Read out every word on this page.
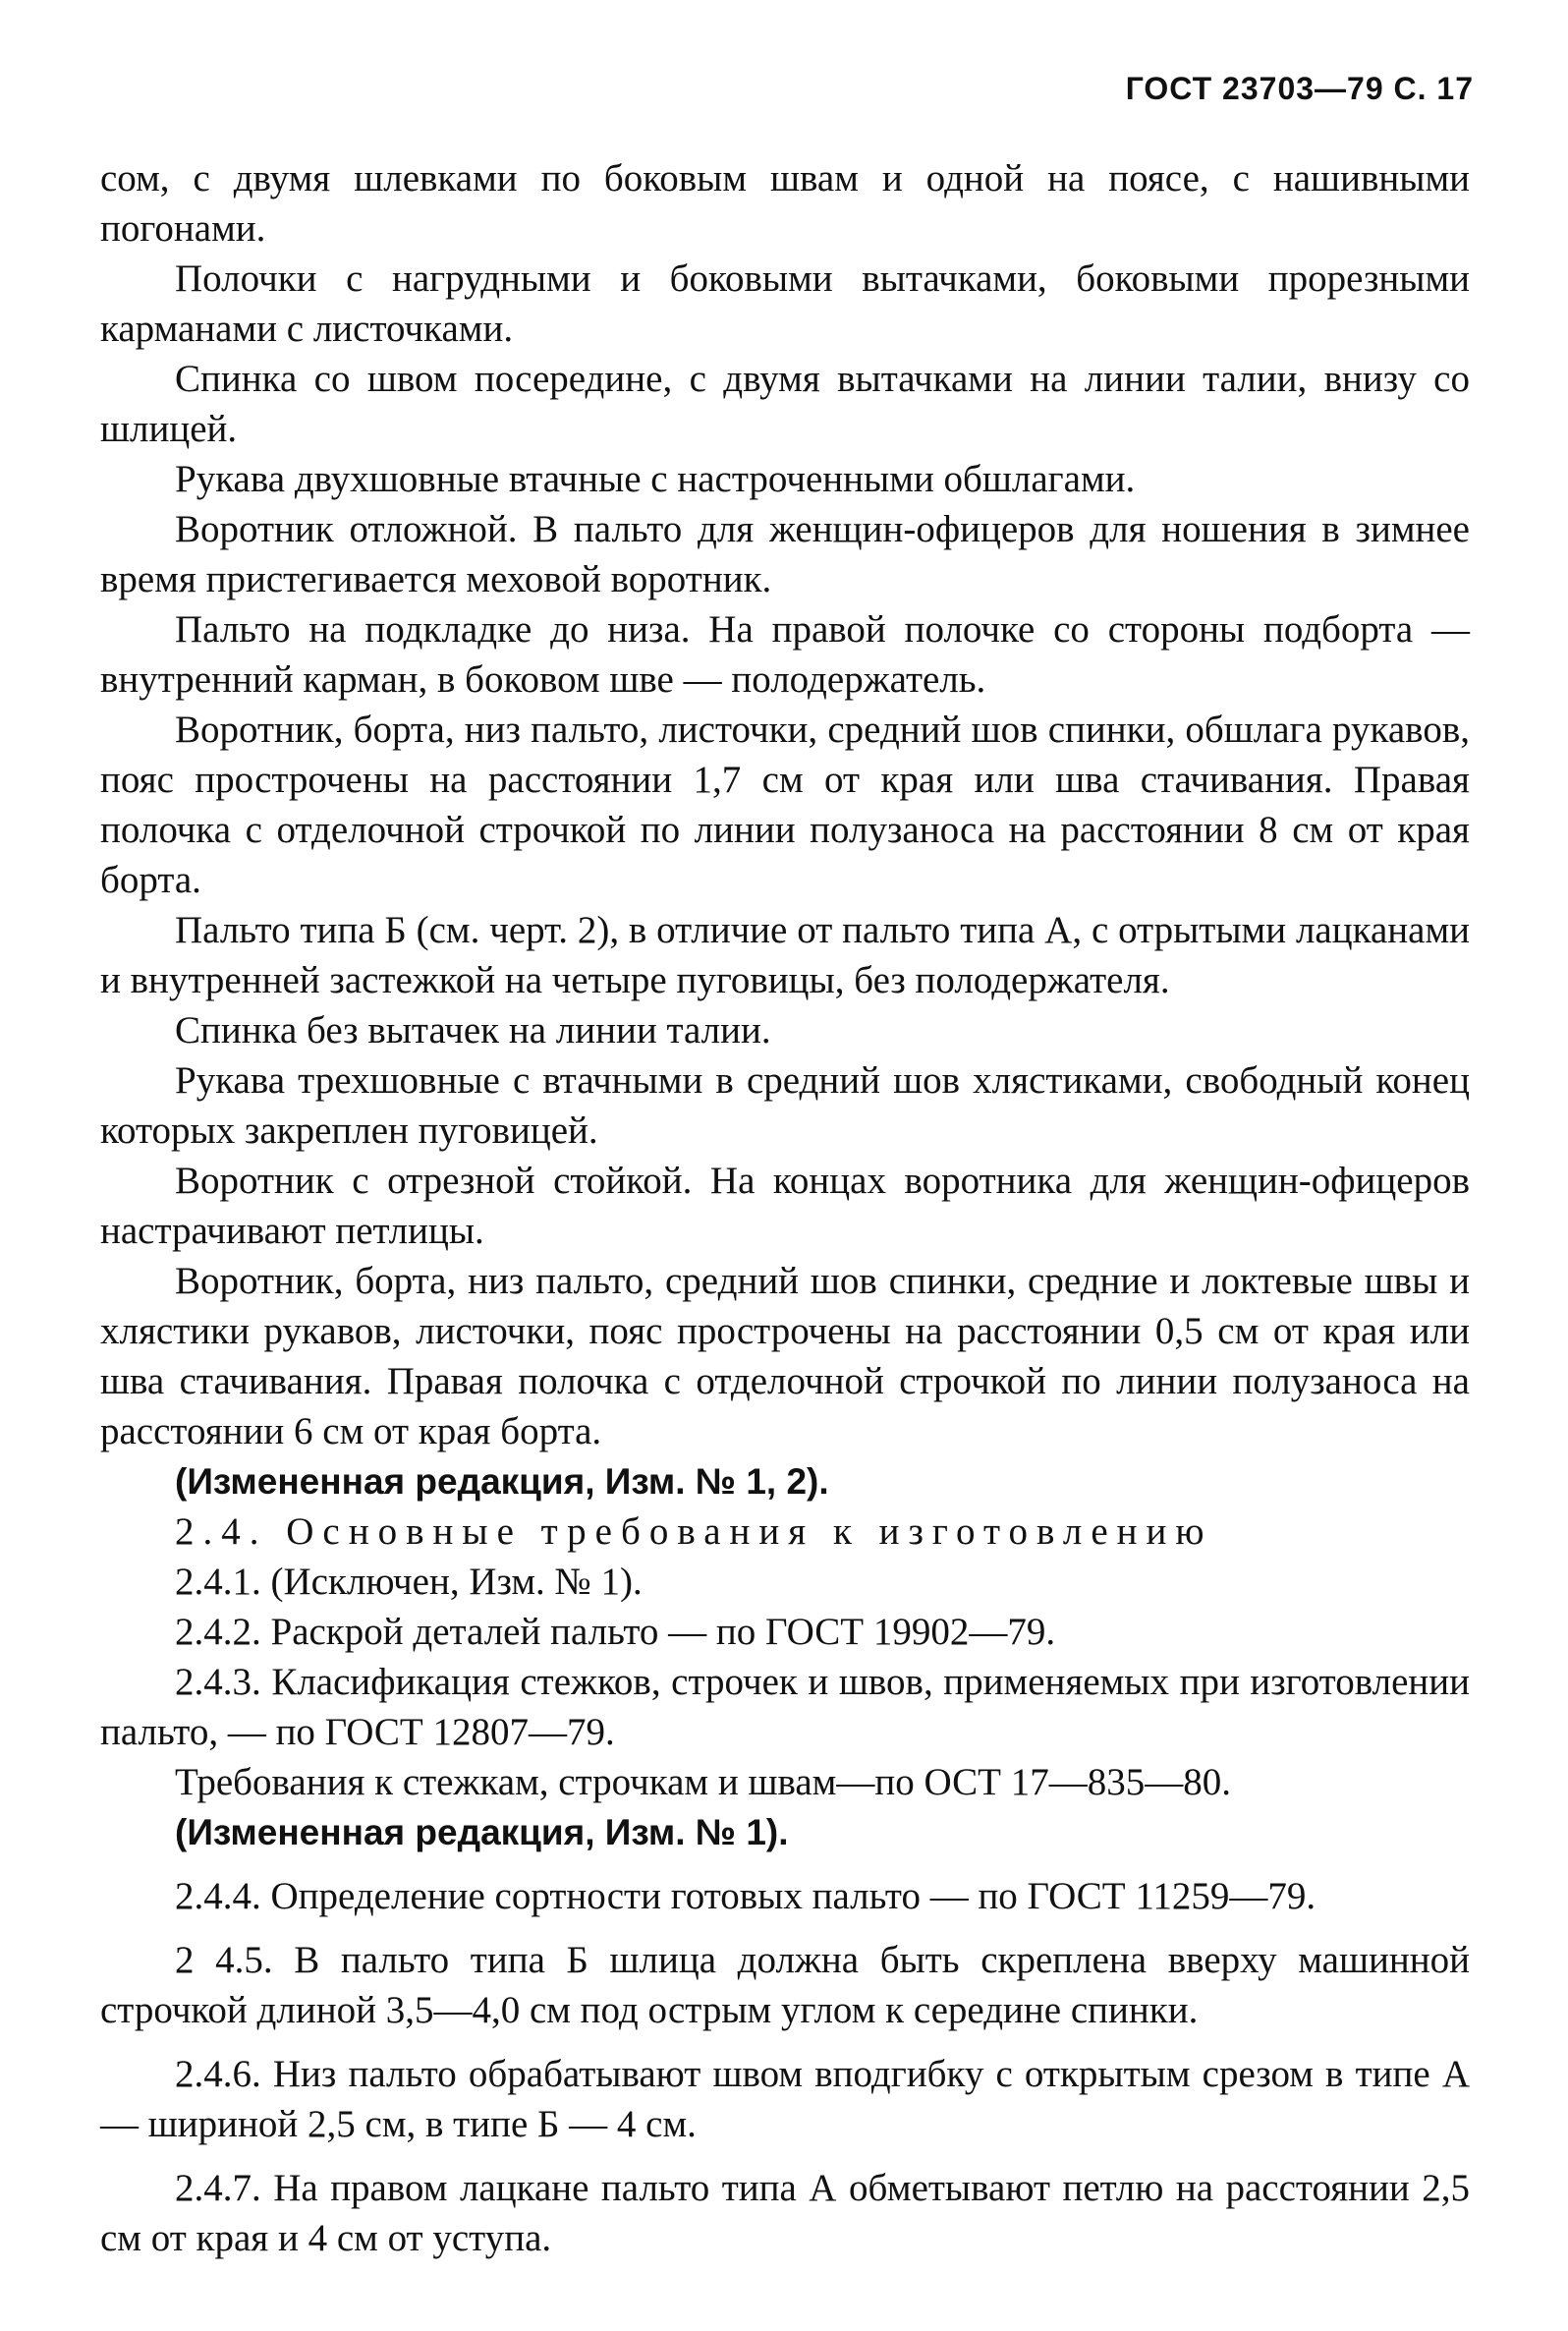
ГОСТ 23703—79 С. 17

сом, с двумя шлевками по боковым швам и одной на поясе, с нашивными погонами.

Полочки с нагрудными и боковыми вытачками, боковыми прорезными карманами с листочками.

Спинка со швом посередине, с двумя вытачками на линии талии, внизу со шлицей.

Рукава двухшовные втачные с настроченными обшлагами.

Воротник отложной. В пальто для женщин-офицеров для ношения в зимнее время пристегивается меховой воротник.

Пальто на подкладке до низа. На правой полочке со стороны подборта — внутренний карман, в боковом шве — полодержатель.

Воротник, борта, низ пальто, листочки, средний шов спинки, обшлага рукавов, пояс прострочены на расстоянии 1,7 см от края или шва стачивания. Правая полочка с отделочной строчкой по линии полузаноса на расстоянии 8 см от края борта.

Пальто типа Б (см. черт. 2), в отличие от пальто типа А, с отрытыми лацканами и внутренней застежкой на четыре пуговицы, без полодержателя.

Спинка без вытачек на линии талии.

Рукава трехшовные с втачными в средний шов хлястиками, свободный конец которых закреплен пуговицей.

Воротник с отрезной стойкой. На концах воротника для женщин-офицеров настрачивают петлицы.

Воротник, борта, низ пальто, средний шов спинки, средние и локтевые швы и хлястики рукавов, листочки, пояс прострочены на расстоянии 0,5 см от края или шва стачивания. Правая полочка с отделочной строчкой по линии полузаноса на расстоянии 6 см от края борта.

(Измененная редакция, Изм. № 1, 2).

2.4. Основные требования к изготовлению

2.4.1. (Исключен, Изм. № 1).

2.4.2. Раскрой деталей пальто — по ГОСТ 19902—79.

2.4.3. Класификация стежков, строчек и швов, применяемых при изготовлении пальто, — по ГОСТ 12807—79.

Требования к стежкам, строчкам и швам—по ОСТ 17—835—80.

(Измененная редакция, Изм. № 1).

2.4.4. Определение сортности готовых пальто — по ГОСТ 11259—79.

2 4.5. В пальто типа Б шлица должна быть скреплена вверху машинной строчкой длиной 3,5—4,0 см под острым углом к середине спинки.

2.4.6. Низ пальто обрабатывают швом вподгибку с открытым срезом в типе А — шириной 2,5 см, в типе Б — 4 см.

2.4.7. На правом лацкане пальто типа А обметывают петлю на расстоянии 2,5 см от края и 4 см от уступа.
